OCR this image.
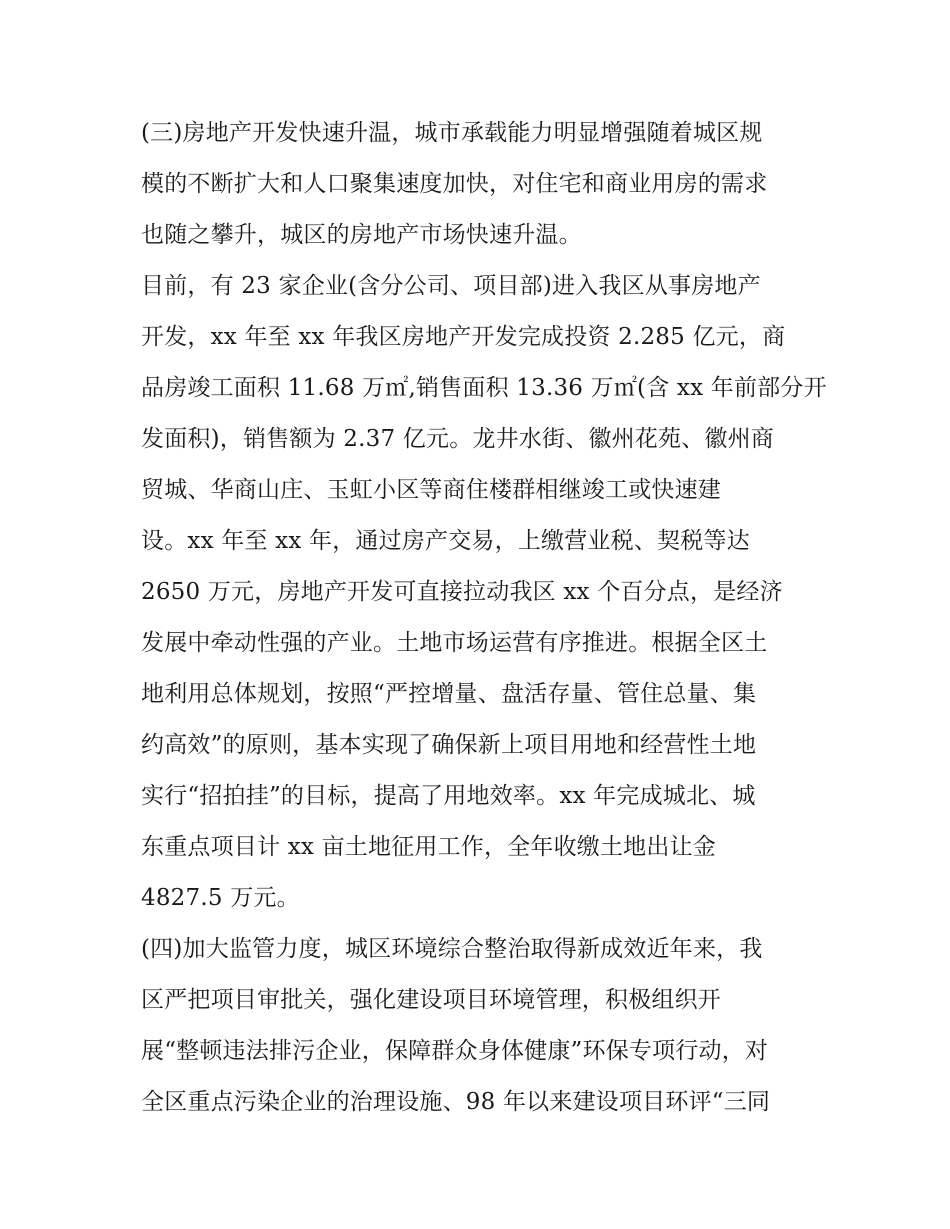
(三)房地产开发快速升温，城市承载能力明显增强随着城区规
模的不断扩大和人口聚集速度加快，对住宅和商业用房的需求
也随之攀升，城区的房地产市场快速升温。
目前，有 23 家企业(含分公司、项目部)进入我区从事房地产
开发，xx 年至 xx 年我区房地产开发完成投资 2.285 亿元，商
品房竣工面积 11.68 万㎡,销售面积 13.36 万㎡(含 xx 年前部分开
发面积)，销售额为 2.37 亿元。龙井水街、徽州花苑、徽州商
贸城、华商山庄、玉虹小区等商住楼群相继竣工或快速建
设。xx 年至 xx 年，通过房产交易，上缴营业税、契税等达
2650 万元，房地产开发可直接拉动我区 xx 个百分点，是经济
发展中牵动性强的产业。土地市场运营有序推进。根据全区土
地利用总体规划，按照“严控增量、盘活存量、管住总量、集
约高效”的原则，基本实现了确保新上项目用地和经营性土地
实行“招拍挂”的目标，提高了用地效率。xx 年完成城北、城
东重点项目计 xx 亩土地征用工作，全年收缴土地出让金
4827.5 万元。
(四)加大监管力度，城区环境综合整治取得新成效近年来，我
区严把项目审批关，强化建设项目环境管理，积极组织开
展“整顿违法排污企业，保障群众身体健康”环保专项行动，对
全区重点污染企业的治理设施、98 年以来建设项目环评“三同
